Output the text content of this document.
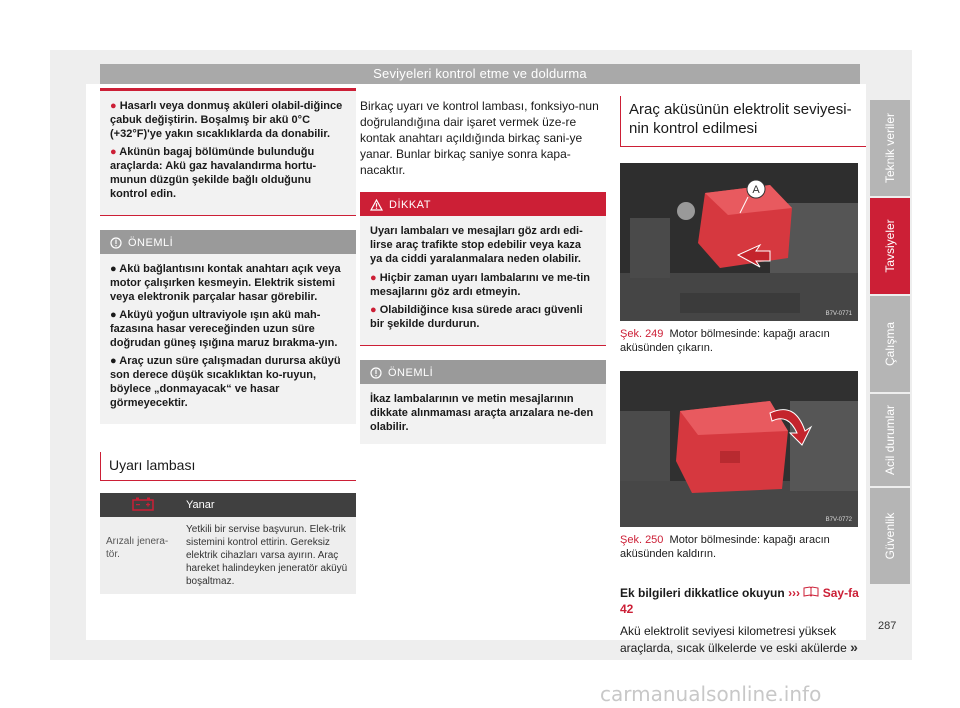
Seviyeleri kontrol etme ve doldurma

● Hasarlı veya donmuş aküleri olabil-diğince çabuk değiştirin. Boşalmış bir akü 0°C (+32°F)'ye yakın sıcaklıklarda da donabilir.

● Akünün bagaj bölümünde bulunduğu araçlarda: Akü gaz havalandırma hortu-munun düzgün şekilde bağlı olduğunu kontrol edin.

ÖNEMLİ

● Akü bağlantısını kontak anahtarı açık veya motor çalışırken kesmeyin. Elektrik sistemi veya elektronik parçalar hasar görebilir.

● Aküyü yoğun ultraviyole ışın akü mah-fazasına hasar vereceğinden uzun süre doğrudan güneş ışığına maruz bırakma-yın.

● Araç uzun süre çalışmadan durursa aküyü son derece düşük sıcaklıktan ko-ruyun, böylece „donmayacak“ ve hasar görmeyecektir.

Uyarı lambası
	Yanar
Arızalı jenera-tör.	Yetkili bir servise başvurun. Elek-trik sistemini kontrol ettirin. Gereksiz elektrik cihazları varsa ayırın. Araç hareket halindeyken jeneratör aküyü boşaltmaz.

Birkaç uyarı ve kontrol lambası, fonksiyo-nun doğrulandığına dair işaret vermek üze-re kontak anahtarı açıldığında birkaç sani-ye yanar. Bunlar birkaç saniye sonra kapa-nacaktır.

DİKKAT

Uyarı lambaları ve mesajları göz ardı edi-lirse araç trafikte stop edebilir veya kaza ya da ciddi yaralanmalara neden olabilir.

● Hiçbir zaman uyarı lambalarını ve me-tin mesajlarını göz ardı etmeyin.

● Olabildiğince kısa sürede aracı güvenli bir şekilde durdurun.

ÖNEMLİ

İkaz lambalarının ve metin mesajlarının dikkate alınmaması araçta arızalara ne-den olabilir.

Araç aküsünün elektrolit seviyesi-nin kontrol edilmesi
A
B7V-0771

Şek. 249 Motor bölmesinde: kapağı aracın aküsünden çıkarın.

B7V-0772

Şek. 250 Motor bölmesinde: kapağı aracın aküsünden kaldırın.

Ek bilgileri dikkatlice okuyun ››› Say-fa 42

Akü elektrolit seviyesi kilometresi yüksek araçlarda, sıcak ülkelerde ve eski akülerde »

Teknik veriler
Tavsiyeler
Çalışma
Acil durumlar
Güvenlik
287
carmanualsonline.info
